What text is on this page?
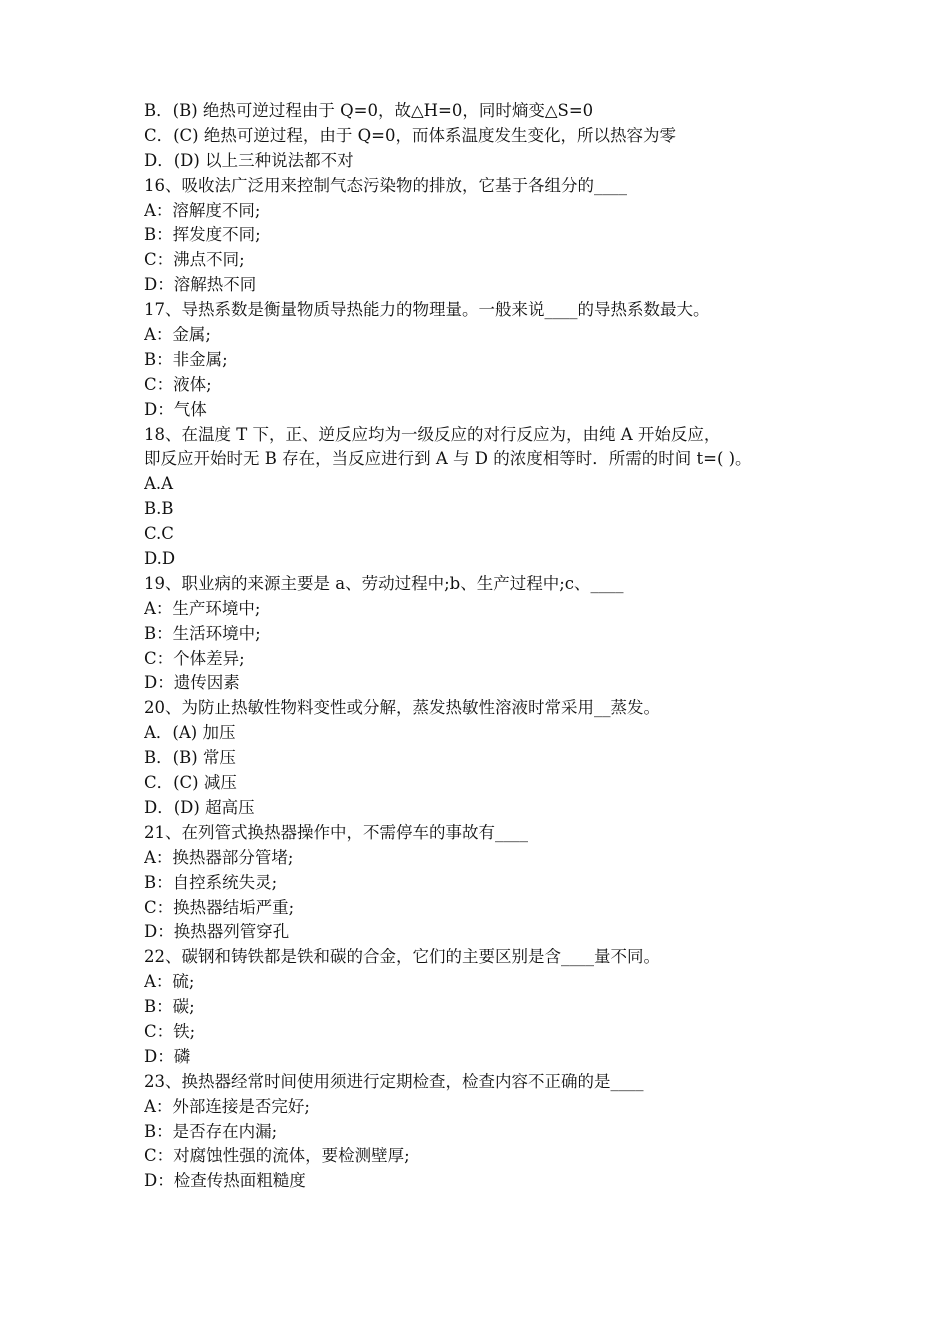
B．(B) 绝热可逆过程由于 Q=0，故△H=0，同时熵变△S=0
C．(C) 绝热可逆过程，由于 Q=0，而体系温度发生变化，所以热容为零
D．(D) 以上三种说法都不对
16、吸收法广泛用来控制气态污染物的排放，它基于各组分的____
A：溶解度不同;
B：挥发度不同;
C：沸点不同;
D：溶解热不同
17、导热系数是衡量物质导热能力的物理量。一般来说____的导热系数最大。
A：金属;
B：非金属;
C：液体;
D：气体
18、在温度 T 下，正、逆反应均为一级反应的对行反应为，由纯 A 开始反应，
即反应开始时无 B 存在，当反应进行到 A 与 D 的浓度相等时．所需的时间 t=( )。
A.A
B.B
C.C
D.D
19、职业病的来源主要是 a、劳动过程中;b、生产过程中;c、____
A：生产环境中;
B：生活环境中;
C：个体差异;
D：遗传因素
20、为防止热敏性物料变性或分解，蒸发热敏性溶液时常采用__蒸发。
A．(A) 加压
B．(B) 常压
C．(C) 减压
D．(D) 超高压
21、在列管式换热器操作中，不需停车的事故有____
A：换热器部分管堵;
B：自控系统失灵;
C：换热器结垢严重;
D：换热器列管穿孔
22、碳钢和铸铁都是铁和碳的合金，它们的主要区别是含____量不同。
A：硫;
B：碳;
C：铁;
D：磷
23、换热器经常时间使用须进行定期检查，检查内容不正确的是____
A：外部连接是否完好;
B：是否存在内漏;
C：对腐蚀性强的流体，要检测壁厚;
D：检查传热面粗糙度
